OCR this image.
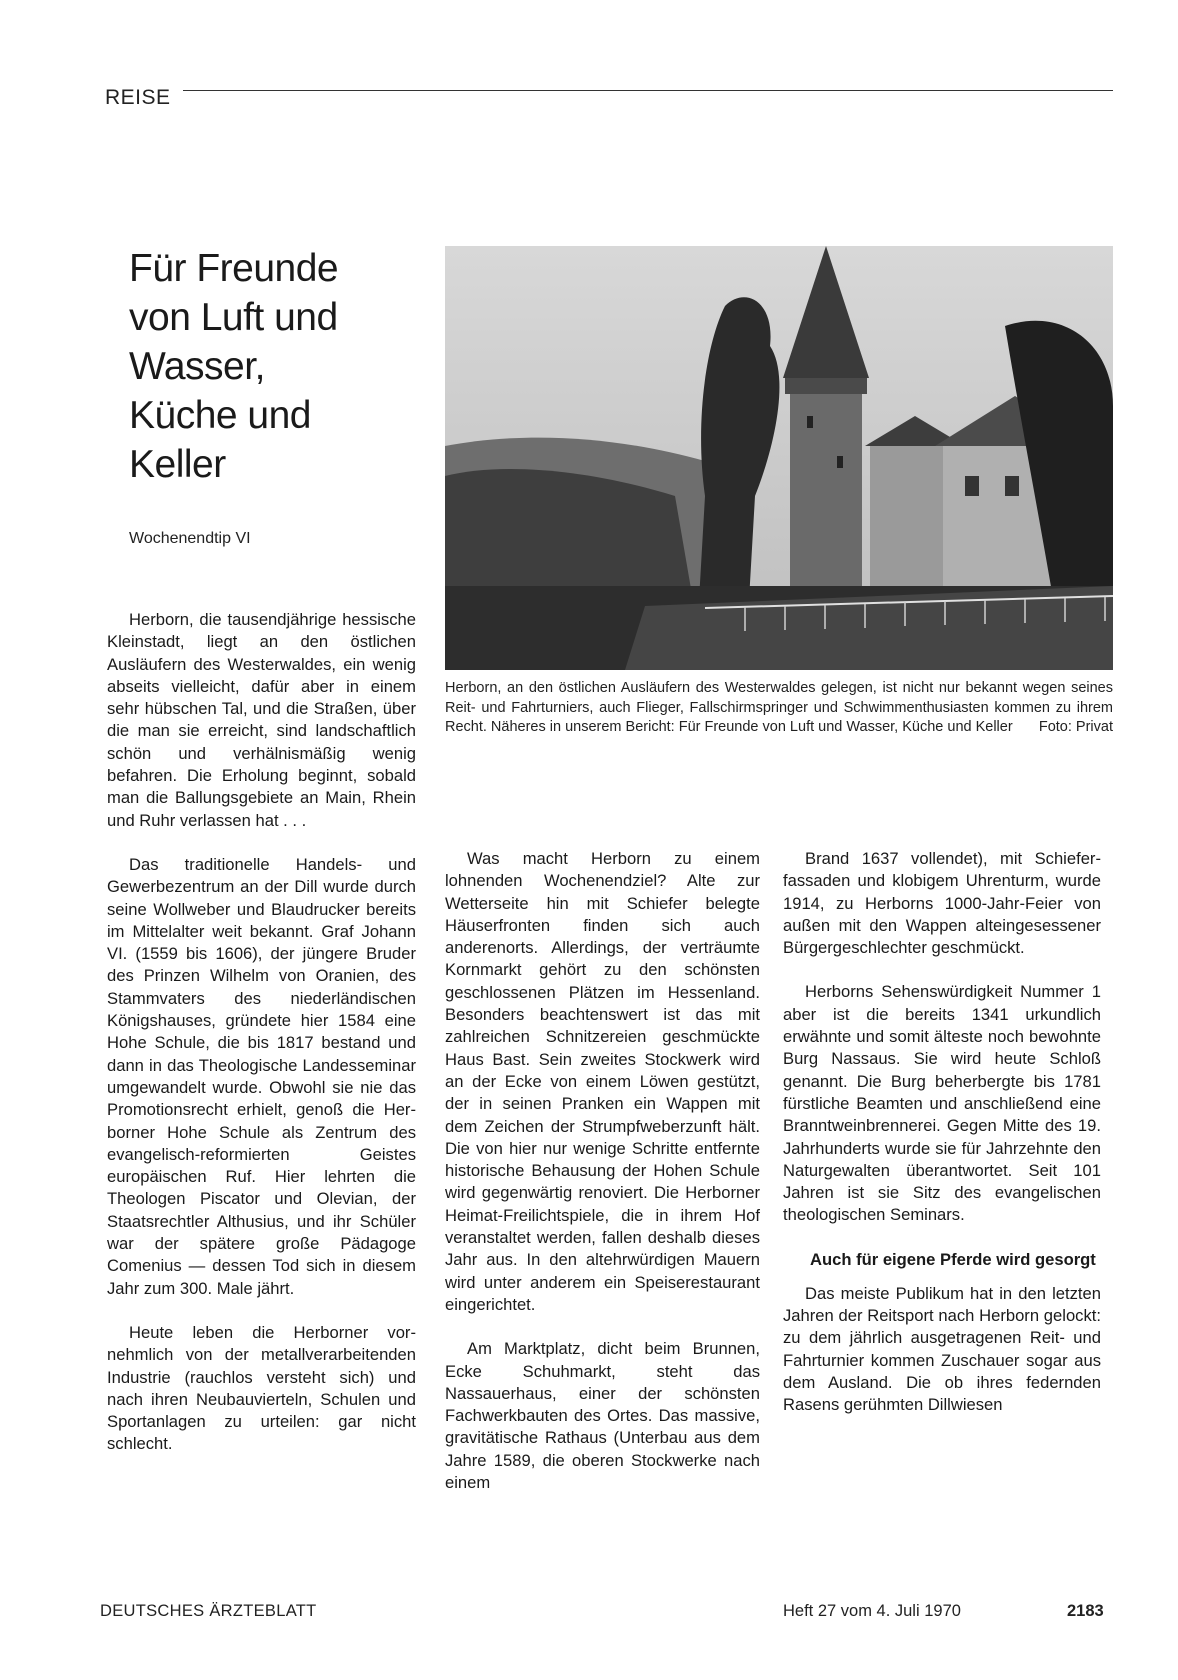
REISE
Für Freunde
von Luft und
Wasser,
Küche und
Keller
Wochenendtip VI
Herborn, an den östlichen Ausläufern des Westerwaldes gelegen, ist nicht nur bekannt wegen seines Reit- und Fahrturniers, auch Flieger, Fallschirmspringer und Schwimmenthusiasten kommen zu ihrem Recht. Näheres in unserem Bericht: Für Freunde von Luft und Wasser, Küche und Keller Foto: Privat

Herborn, die tausendjährige hessische Kleinstadt, liegt an den östlichen Ausläufern des Westerwaldes, ein wenig abseits vielleicht, dafür aber in einem sehr hübschen Tal, und die Straßen, über die man sie erreicht, sind landschaftlich schön und verhälnismäßig wenig befahren. Die Erholung beginnt, sobald man die Ballungsgebiete an Main, Rhein und Ruhr verlassen hat . . .

Das traditionelle Handels- und Gewerbezentrum an der Dill wurde durch seine Wollweber und Blaudrucker bereits im Mittelalter weit bekannt. Graf Johann VI. (1559 bis 1606), der jüngere Bruder des Prinzen Wilhelm von Oranien, des Stammvaters des niederländischen Königshauses, gründete hier 1584 eine Hohe Schule, die bis 1817 bestand und dann in das Theologische Landesseminar umgewandelt wurde. Obwohl sie nie das Promotionsrecht erhielt, genoß die Herborner Hohe Schule als Zentrum des evangelisch-reformierten Geistes europäischen Ruf. Hier lehrten die Theologen Piscator und Olevian, der Staatsrechtler Althusius, und ihr Schüler war der spätere große Pädagoge Comenius — dessen Tod sich in diesem Jahr zum 300. Male jährt.

Heute leben die Herborner vornehmlich von der metallverarbeitenden Industrie (rauchlos versteht sich) und nach ihren Neubauvierteln, Schulen und Sportanlagen zu urteilen: gar nicht schlecht.

Was macht Herborn zu einem lohnenden Wochenendziel? Alte zur Wetterseite hin mit Schiefer belegte Häuserfronten finden sich auch anderenorts. Allerdings, der verträumte Kornmarkt gehört zu den schönsten geschlossenen Plätzen im Hessenland. Besonders beachtenswert ist das mit zahlreichen Schnitzereien geschmückte Haus Bast. Sein zweites Stockwerk wird an der Ecke von einem Löwen gestützt, der in seinen Pranken ein Wappen mit dem Zeichen der Strumpfweberzunft hält. Die von hier nur wenige Schritte entfernte historische Behausung der Hohen Schule wird gegenwärtig renoviert. Die Herborner Heimat-Freilichtspiele, die in ihrem Hof veranstaltet werden, fallen deshalb dieses Jahr aus. In den altehrwürdigen Mauern wird unter anderem ein Speiserestaurant eingerichtet.

Am Marktplatz, dicht beim Brunnen, Ecke Schuhmarkt, steht das Nassauerhaus, einer der schönsten Fachwerkbauten des Ortes. Das massive, gravitätische Rathaus (Unterbau aus dem Jahre 1589, die oberen Stockwerke nach einem

Brand 1637 vollendet), mit Schieferfassaden und klobigem Uhrenturm, wurde 1914, zu Herborns 1000-Jahr-Feier von außen mit den Wappen alteingesessener Bürgergeschlechter geschmückt.

Herborns Sehenswürdigkeit Nummer 1 aber ist die bereits 1341 urkundlich erwähnte und somit älteste noch bewohnte Burg Nassaus. Sie wird heute Schloß genannt. Die Burg beherbergte bis 1781 fürstliche Beamten und anschließend eine Branntweinbrennerei. Gegen Mitte des 19. Jahrhunderts wurde sie für Jahrzehnte den Naturgewalten überantwortet. Seit 101 Jahren ist sie Sitz des evangelischen theologischen Seminars.

Auch für eigene Pferde wird gesorgt

Das meiste Publikum hat in den letzten Jahren der Reitsport nach Herborn gelockt: zu dem jährlich ausgetragenen Reit- und Fahrturnier kommen Zuschauer sogar aus dem Ausland. Die ob ihres federnden Rasens gerühmten Dillwiesen

DEUTSCHES ÄRZTEBLATT	Heft 27 vom 4. Juli 1970	2183
